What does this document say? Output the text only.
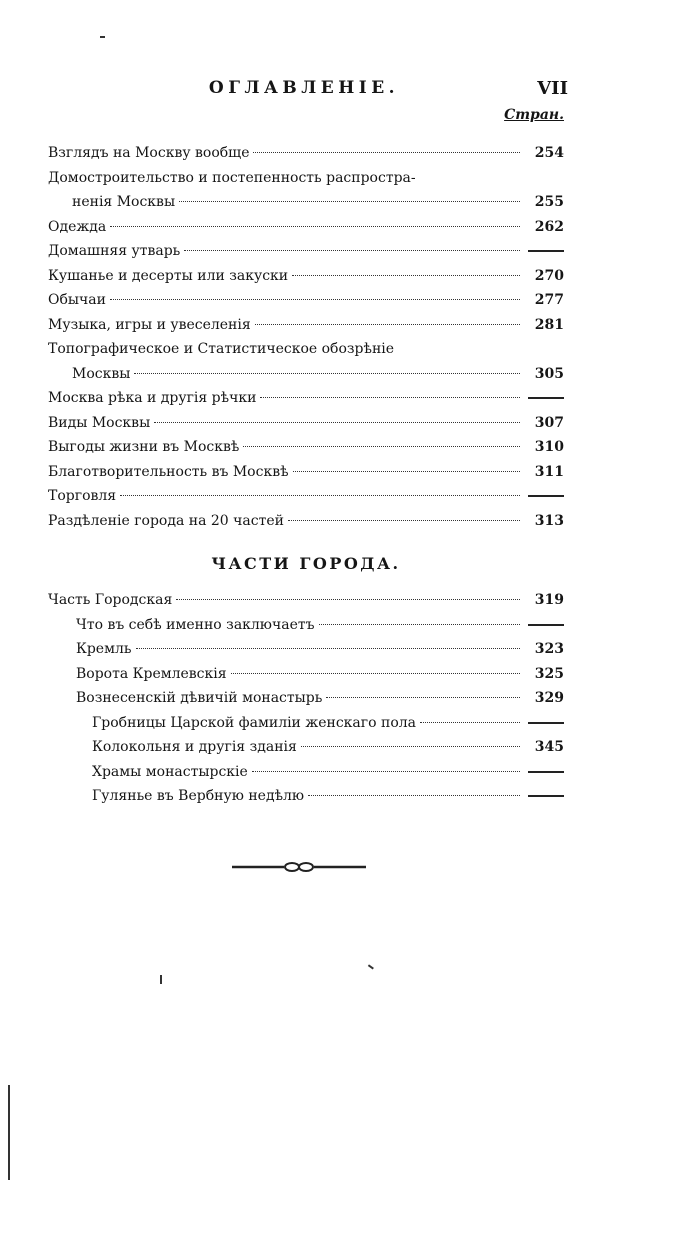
ОГЛАВЛЕНІЕ.	VII
Стран.
Взглядъ на Москву вообще	254
Домостроительство и постепенность распростра-
ненія Москвы	255
Одежда	262
Домашняя утварь
Кушанье и десерты или закуски	270
Обычаи	277
Музыка, игры и увеселенія	281
Топографическое и Статистическое обозрѣніе
Москвы	305
Москва рѣка и другія рѣчки
Виды Москвы	307
Выгоды жизни въ Москвѣ	310
Благотворительность въ Москвѣ	311
Торговля
Раздѣленіе города на 20 частей	313
ЧАСТИ ГОРОДА.
Часть Городская	319
Что въ себѣ именно заключаетъ
Кремль	323
Ворота Кремлевскія	325
Вознесенскій дѣвичій монастырь	329
Гробницы Царской фамиліи женскаго пола
Колокольня и другія зданія	345
Храмы монастырскіе
Гулянье въ Вербную недѣлю
